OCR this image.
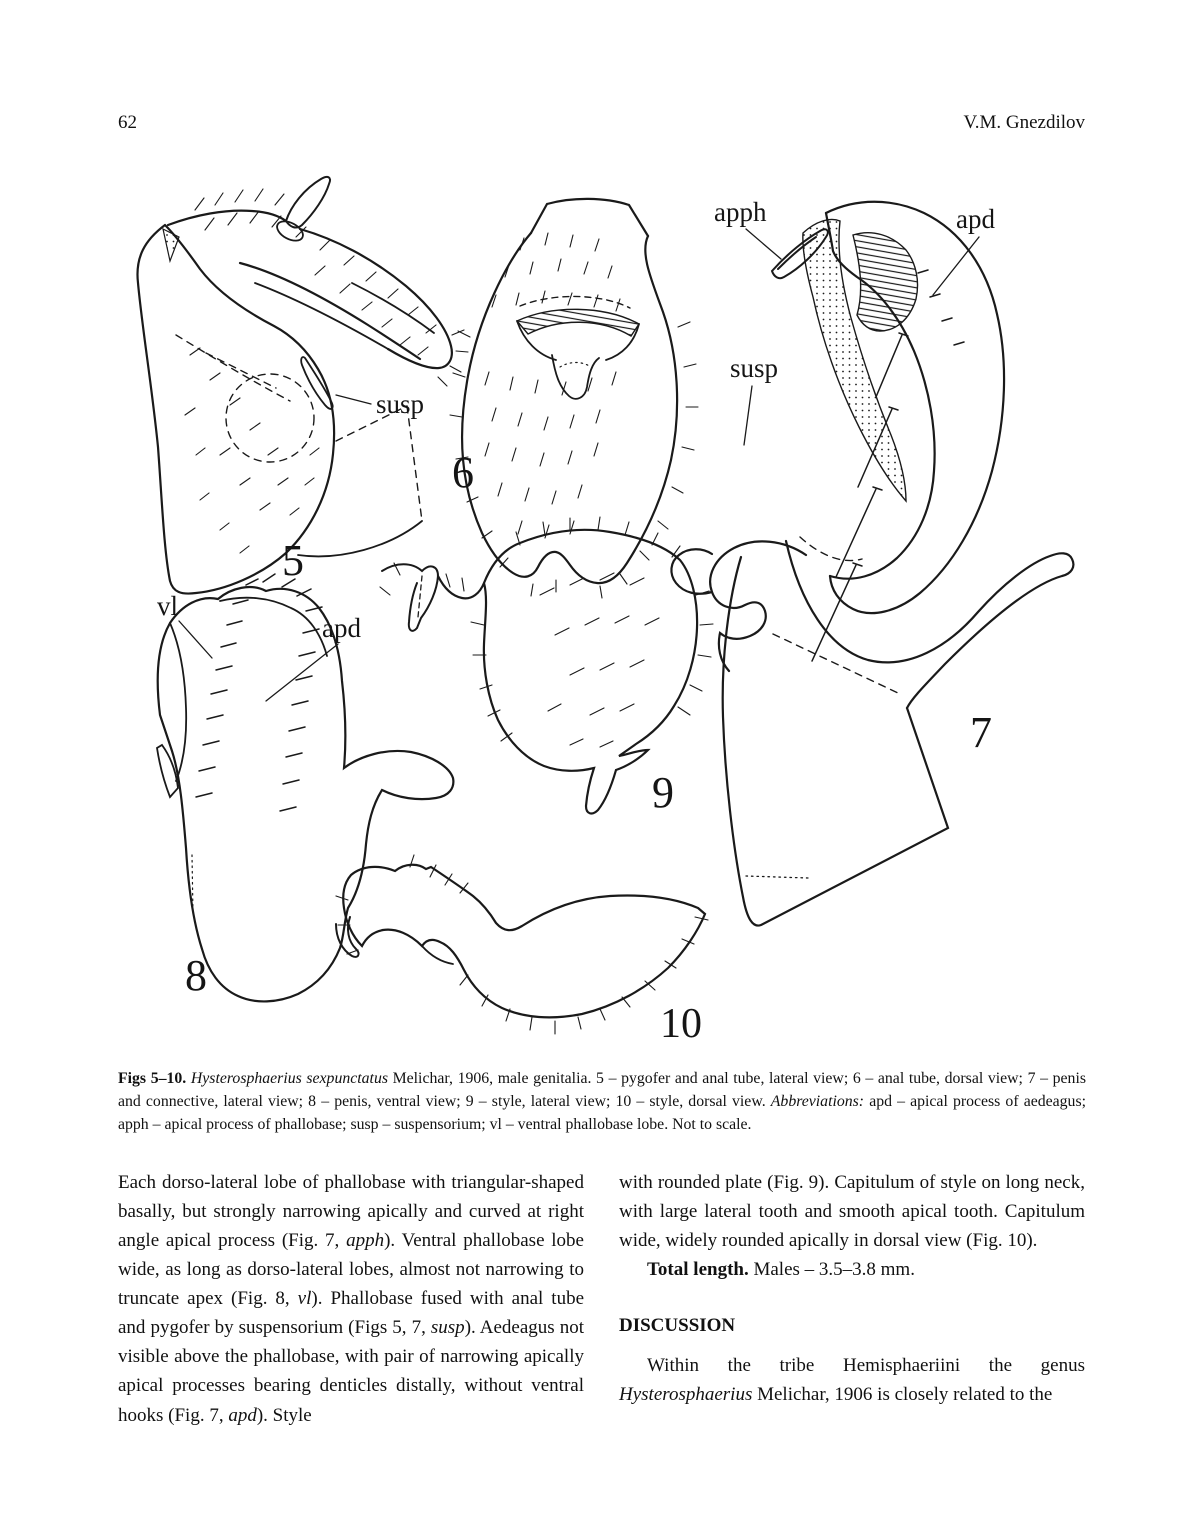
62	V.M. Gnezdilov
susp
5
6
apph	apd
susp
7
vl
apd
8
9
10

Figs 5–10. Hysterosphaerius sexpunctatus Melichar, 1906, male genitalia. 5 – pygofer and anal tube, lateral view; 6 – anal tube, dorsal view; 7 – penis and connective, lateral view; 8 – penis, ventral view; 9 – style, lateral view; 10 – style, dorsal view. Abbreviations: apd – apical process of aedeagus; apph – apical process of phallobase; susp – suspensorium; vl – ventral phallobase lobe. Not to scale.

Each dorso-lateral lobe of phallobase with triangular-shaped basally, but strongly narrowing apically and curved at right angle apical process (Fig. 7, apph). Ventral phallobase lobe wide, as long as dorso-lateral lobes, almost not narrowing to truncate apex (Fig. 8, vl). Phallobase fused with anal tube and pygofer by suspensorium (Figs 5, 7, susp). Aedeagus not visible above the phallobase, with pair of narrowing apically apical processes bearing denticles distally, without ventral hooks (Fig. 7, apd). Style

with rounded plate (Fig. 9). Capitulum of style on long neck, with large lateral tooth and smooth apical tooth. Capitulum wide, widely rounded apically in dorsal view (Fig. 10).

Total length. Males – 3.5–3.8 mm.

DISCUSSION

Within the tribe Hemisphaeriini the genus Hysterosphaerius Melichar, 1906 is closely related to the
